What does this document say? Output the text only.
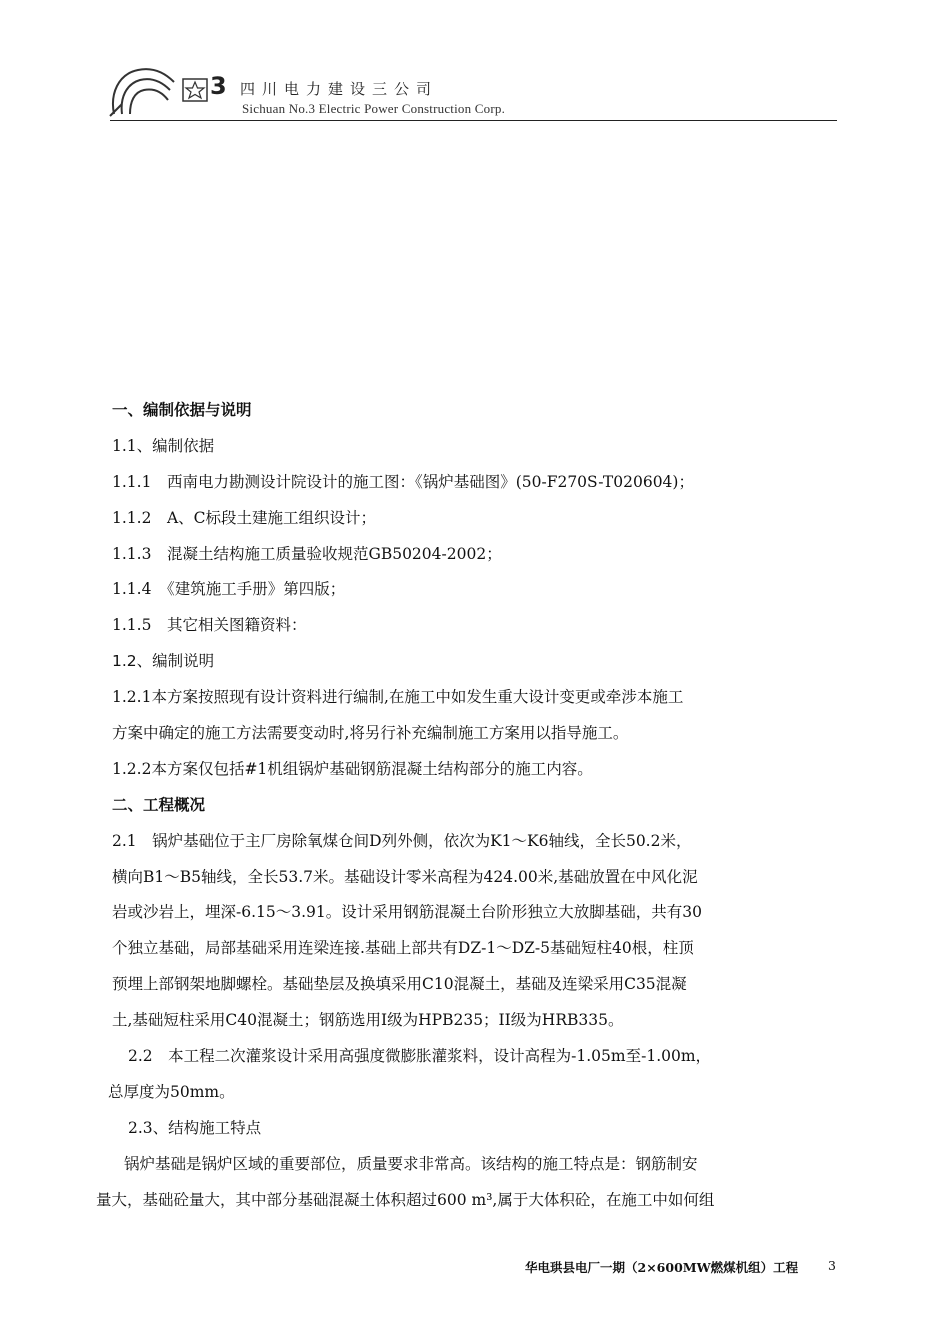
3 四川电力建设三公司
Sichuan No.3 Electric Power Construction Corp.
一、编制依据与说明
1.1、编制依据
1.1.1　西南电力勘测设计院设计的施工图：《锅炉基础图》(50-F270S-T020604)；
1.1.2　A、C标段土建施工组织设计；
1.1.3　混凝土结构施工质量验收规范GB50204-2002；
1.1.4　《建筑施工手册》第四版；
1.1.5　其它相关图籍资料：
1.2、编制说明
1.2.1本方案按照现有设计资料进行编制,在施工中如发生重大设计变更或牵涉本施工
方案中确定的施工方法需要变动时,将另行补充编制施工方案用以指导施工。
1.2.2本方案仅包括#1机组锅炉基础钢筋混凝土结构部分的施工内容。
二、工程概况
2.1　锅炉基础位于主厂房除氧煤仓间D列外侧，依次为K1～K6轴线，全长50.2米，
横向B1～B5轴线，全长53.7米。基础设计零米高程为424.00米,基础放置在中风化泥
岩或沙岩上，埋深-6.15～3.91。设计采用钢筋混凝土台阶形独立大放脚基础，共有30
个独立基础，局部基础采用连梁连接.基础上部共有DZ-1～DZ-5基础短柱40根，柱顶
预埋上部钢架地脚螺栓。基础垫层及换填采用C10混凝土，基础及连梁采用C35混凝
土,基础短柱采用C40混凝土；钢筋选用I级为HPB235；II级为HRB335。
2.2　本工程二次灌浆设计采用高强度微膨胀灌浆料，设计高程为-1.05m至-1.00m，
总厚度为50mm。
2.3、结构施工特点
锅炉基础是锅炉区域的重要部位，质量要求非常高。该结构的施工特点是：钢筋制安
量大，基础砼量大，其中部分基础混凝土体积超过600 m³,属于大体积砼，在施工中如何组
华电珙县电厂一期（2×600MW燃煤机组）工程 3
